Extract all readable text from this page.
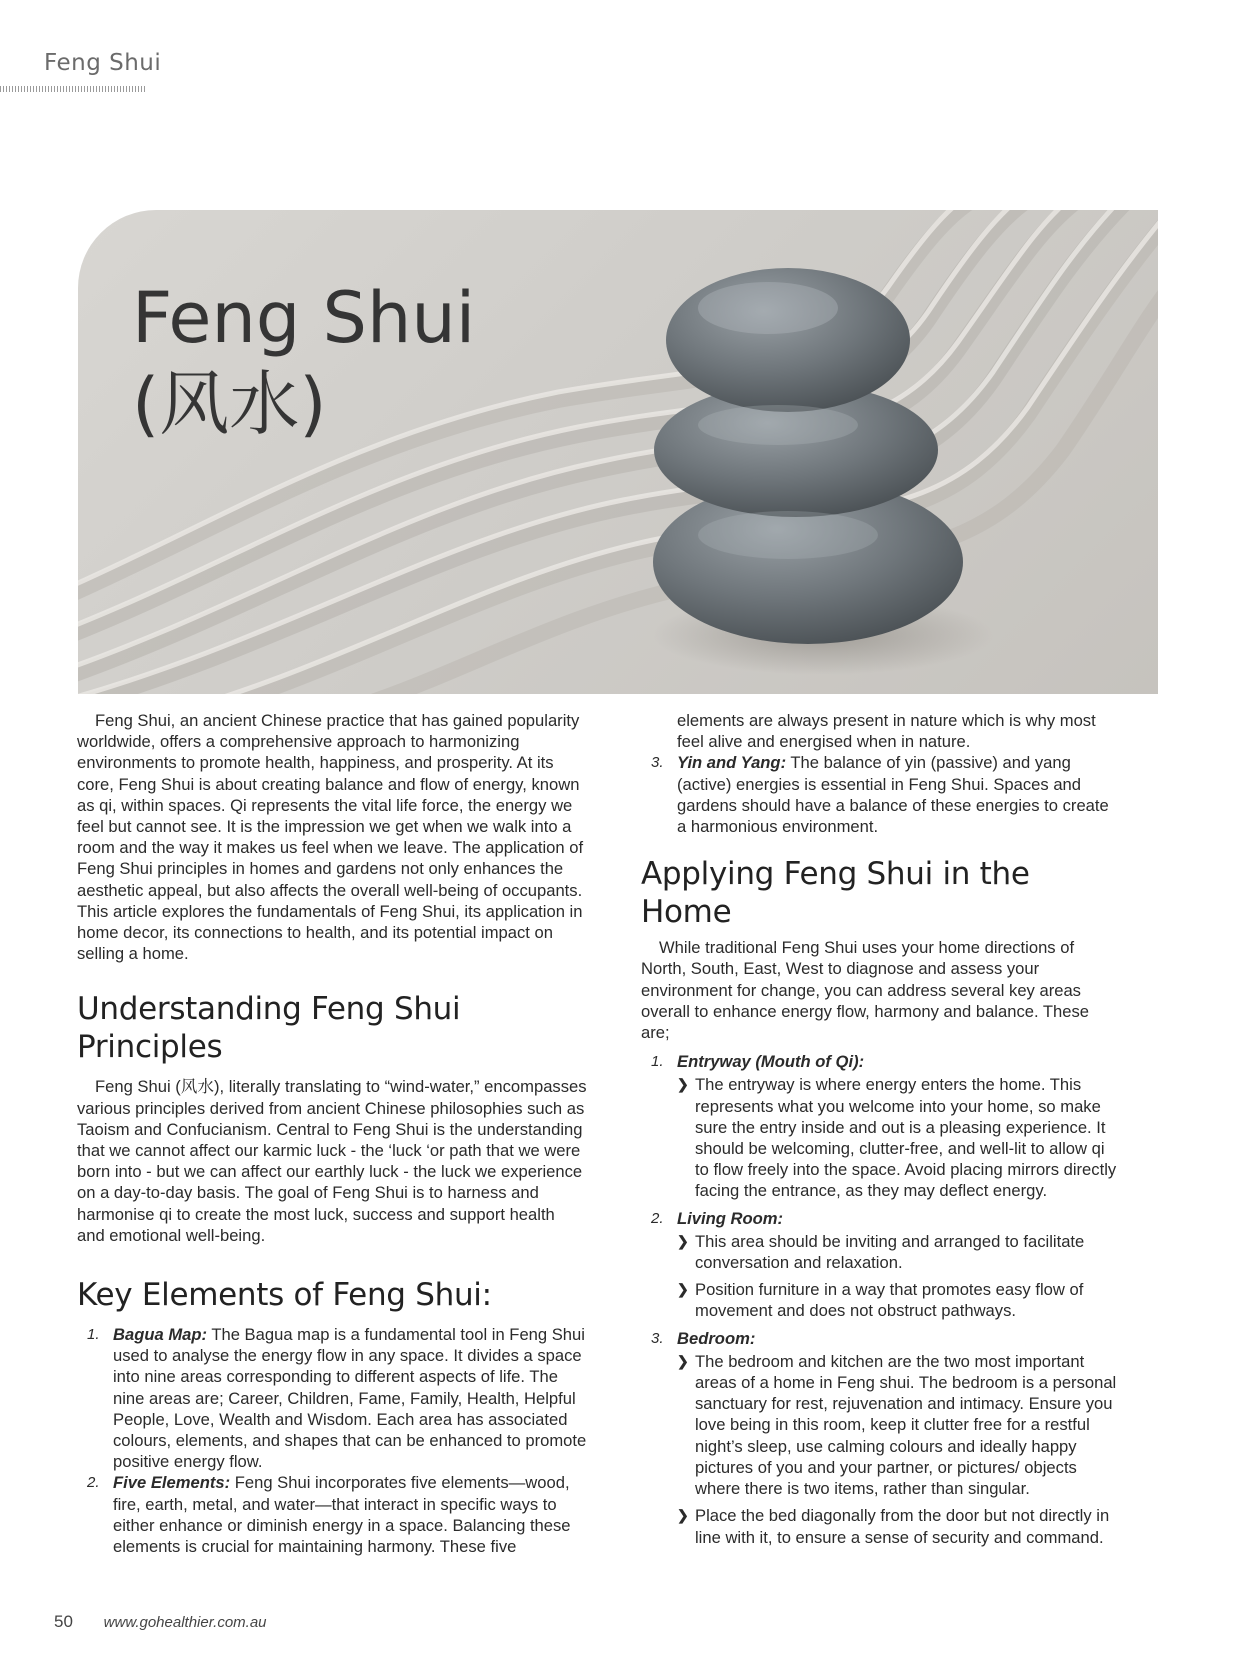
Feng Shui
Feng Shui
(风水)

Feng Shui, an ancient Chinese practice that has gained popularity worldwide, offers a comprehensive approach to harmonizing environments to promote health, happiness, and prosperity. At its core, Feng Shui is about creating balance and flow of energy, known as qi, within spaces. Qi represents the vital life force, the energy we feel but cannot see. It is the impression we get when we walk into a room and the way it makes us feel when we leave. The application of Feng Shui principles in homes and gardens not only enhances the aesthetic appeal, but also affects the overall well-being of occupants. This article explores the fundamentals of Feng Shui, its application in home decor, its connections to health, and its potential impact on selling a home.

Understanding Feng Shui Principles

Feng Shui (风水), literally translating to “wind-water,” encompasses various principles derived from ancient Chinese philosophies such as Taoism and Confucianism. Central to Feng Shui is the understanding that we cannot affect our karmic luck - the ‘luck ‘or path that we were born into - but we can affect our earthly luck - the luck we experience on a day-to-day basis. The goal of Feng Shui is to harness and harmonise qi to create the most luck, success and support health and emotional well-being.

Key Elements of Feng Shui:
1. Bagua Map: The Bagua map is a fundamental tool in Feng Shui used to analyse the energy flow in any space. It divides a space into nine areas corresponding to different aspects of life. The nine areas are; Career, Children, Fame, Family, Health, Helpful People, Love, Wealth and Wisdom. Each area has associated colours, elements, and shapes that can be enhanced to promote positive energy flow.
2. Five Elements: Feng Shui incorporates five elements—wood, fire, earth, metal, and water—that interact in specific ways to either enhance or diminish energy in a space. Balancing these elements is crucial for maintaining harmony. These five

elements are always present in nature which is why most feel alive and energised when in nature.

3. Yin and Yang: The balance of yin (passive) and yang (active) energies is essential in Feng Shui. Spaces and gardens should have a balance of these energies to create a harmonious environment.
Applying Feng Shui in the Home

While traditional Feng Shui uses your home directions of North, South, East, West to diagnose and assess your environment for change, you can address several key areas overall to enhance energy flow, harmony and balance. These are;

1. Entryway (Mouth of Qi):
❯ The entryway is where energy enters the home. This represents what you welcome into your home, so make sure the entry inside and out is a pleasing experience. It should be welcoming, clutter-free, and well-lit to allow qi to flow freely into the space. Avoid placing mirrors directly facing the entrance, as they may deflect energy.
2. Living Room:
❯ This area should be inviting and arranged to facilitate conversation and relaxation.
❯ Position furniture in a way that promotes easy flow of movement and does not obstruct pathways.
3. Bedroom:
❯ The bedroom and kitchen are the two most important areas of a home in Feng shui. The bedroom is a personal sanctuary for rest, rejuvenation and intimacy. Ensure you love being in this room, keep it clutter free for a restful night’s sleep, use calming colours and ideally happy pictures of you and your partner, or pictures/ objects where there is two items, rather than singular.
❯ Place the bed diagonally from the door but not directly in line with it, to ensure a sense of security and command.
50 www.gohealthier.com.au
